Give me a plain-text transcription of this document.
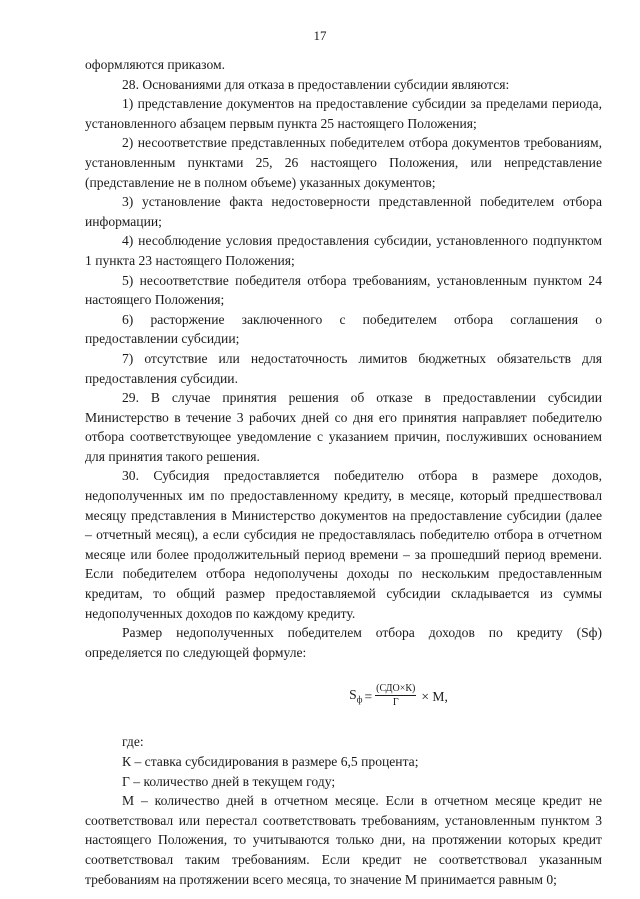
17

оформляются приказом.

28. Основаниями для отказа в предоставлении субсидии являются:

1) представление документов на предоставление субсидии за пределами периода, установленного абзацем первым пункта 25 настоящего Положения;

2) несоответствие представленных победителем отбора документов требованиям, установленным пунктами 25, 26 настоящего Положения, или непредставление (представление не в полном объеме) указанных документов;

3) установление факта недостоверности представленной победителем отбора информации;

4) несоблюдение условия предоставления субсидии, установленного подпунктом 1 пункта 23 настоящего Положения;

5) несоответствие победителя отбора требованиям, установленным пунктом 24 настоящего Положения;

6) расторжение заключенного с победителем отбора соглашения о предоставлении субсидии;

7) отсутствие или недостаточность лимитов бюджетных обязательств для предоставления субсидии.

29. В случае принятия решения об отказе в предоставлении субсидии Министерство в течение 3 рабочих дней со дня его принятия направляет победителю отбора соответствующее уведомление с указанием причин, послуживших основанием для принятия такого решения.

30. Субсидия предоставляется победителю отбора в размере доходов, недополученных им по предоставленному кредиту, в месяце, который предшествовал месяцу представления в Министерство документов на предоставление субсидии (далее – отчетный месяц), а если субсидия не предоставлялась победителю отбора в отчетном месяце или более продолжительный период времени – за прошедший период времени. Если победителем отбора недополучены доходы по нескольким предоставленным кредитам, то общий размер предоставляемой субсидии складывается из суммы недополученных доходов по каждому кредиту.

Размер недополученных победителем отбора доходов по кредиту (Sф) определяется по следующей формуле:

$S_ф = \frac{\text{(СДО×К)}}{Г} \times М$,

где:

К – ставка субсидирования в размере 6,5 процента;

Г – количество дней в текущем году;

М – количество дней в отчетном месяце. Если в отчетном месяце кредит не соответствовал или перестал соответствовать требованиям, установленным пунктом 3 настоящего Положения, то учитываются только дни, на протяжении которых кредит соответствовал таким требованиям. Если кредит не соответствовал указанным требованиям на протяжении всего месяца, то значение М принимается равным 0;
